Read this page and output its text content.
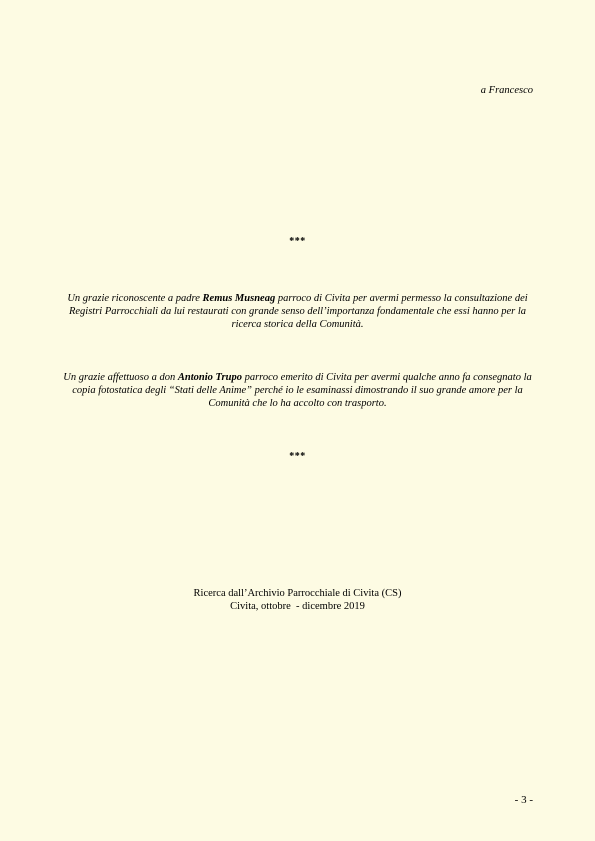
a Francesco
***
Un grazie riconoscente a padre Remus Musneag parroco di Civita per avermi permesso la consultazione dei Registri Parrocchiali da lui restaurati con grande senso dell’importanza fondamentale che essi hanno per la ricerca storica della Comunità.
Un grazie affettuoso a don Antonio Trupo parroco emerito di Civita per avermi qualche anno fa consegnato la copia fotostatica degli “Stati delle Anime” perché io le esaminassi dimostrando il suo grande amore per la Comunità che lo ha accolto con trasporto.
***
Ricerca dall’Archivio Parrocchiale di Civita (CS)
Civita, ottobre  - dicembre 2019
- 3 -
